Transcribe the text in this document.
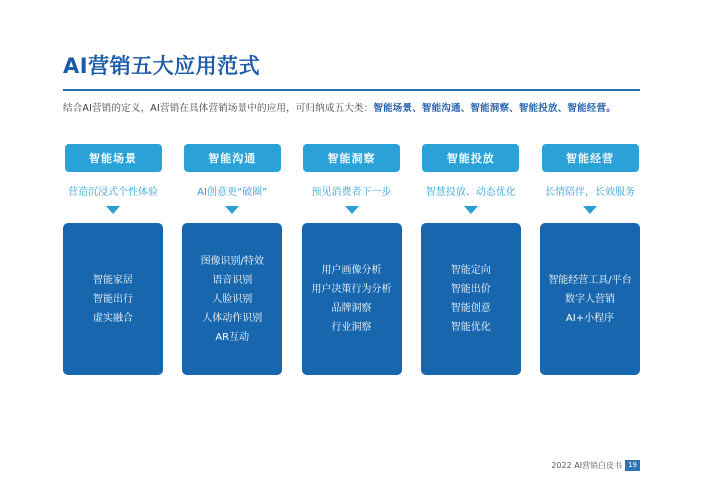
AI营销五大应用范式

结合AI营销的定义，AI营销在具体营销场景中的应用，可归纳成五大类：智能场景、智能沟通、智能洞察、智能投放、智能经营。

智能场景
营造沉浸式个性体验
智能家居
智能出行
虚实融合
智能沟通
AI创意更“破圈”
图像识别/特效
语音识别
人脸识别
人体动作识别
AR互动
智能洞察
预见消费者下一步
用户画像分析
用户决策行为分析
品牌洞察
行业洞察
智能投放
智慧投放、动态优化
智能定向
智能出价
智能创意
智能优化
智能经营
长情陪伴，长效服务
智能经营工具/平台
数字人营销
AI+小程序
2022 AI营销白皮书 19
